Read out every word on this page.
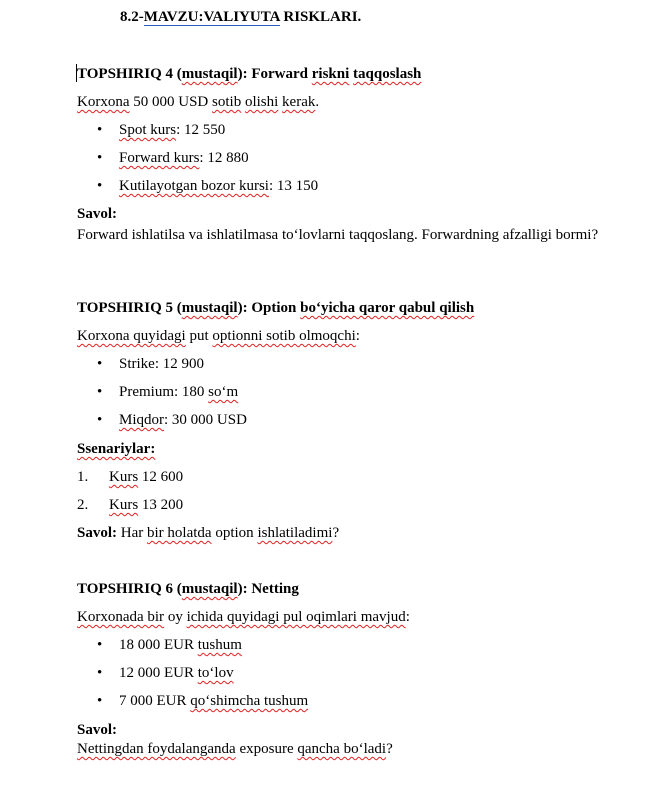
8.2-MAVZU:VALIYUTA RISKLARI.
TOPSHIRIQ 4 (mustaqil): Forward riskni taqqoslash
Korxona 50 000 USD sotib olishi kerak.
• Spot kurs: 12 550
• Forward kurs: 12 880
• Kutilayotgan bozor kursi: 13 150
Savol:
Forward ishlatilsa va ishlatilmasa to‘lovlarni taqqoslang. Forwardning afzalligi bormi?
TOPSHIRIQ 5 (mustaqil): Option bo‘yicha qaror qabul qilish
Korxona quyidagi put optionni sotib olmoqchi:
• Strike: 12 900
• Premium: 180 so‘m
• Miqdor: 30 000 USD
Ssenariylar:
1. Kurs 12 600
2. Kurs 13 200
Savol: Har bir holatda option ishlatiladimi?
TOPSHIRIQ 6 (mustaqil): Netting
Korxonada bir oy ichida quyidagi pul oqimlari mavjud:
• 18 000 EUR tushum
• 12 000 EUR to‘lov
• 7 000 EUR qo‘shimcha tushum
Savol:
Nettingdan foydalanganda exposure qancha bo‘ladi?
